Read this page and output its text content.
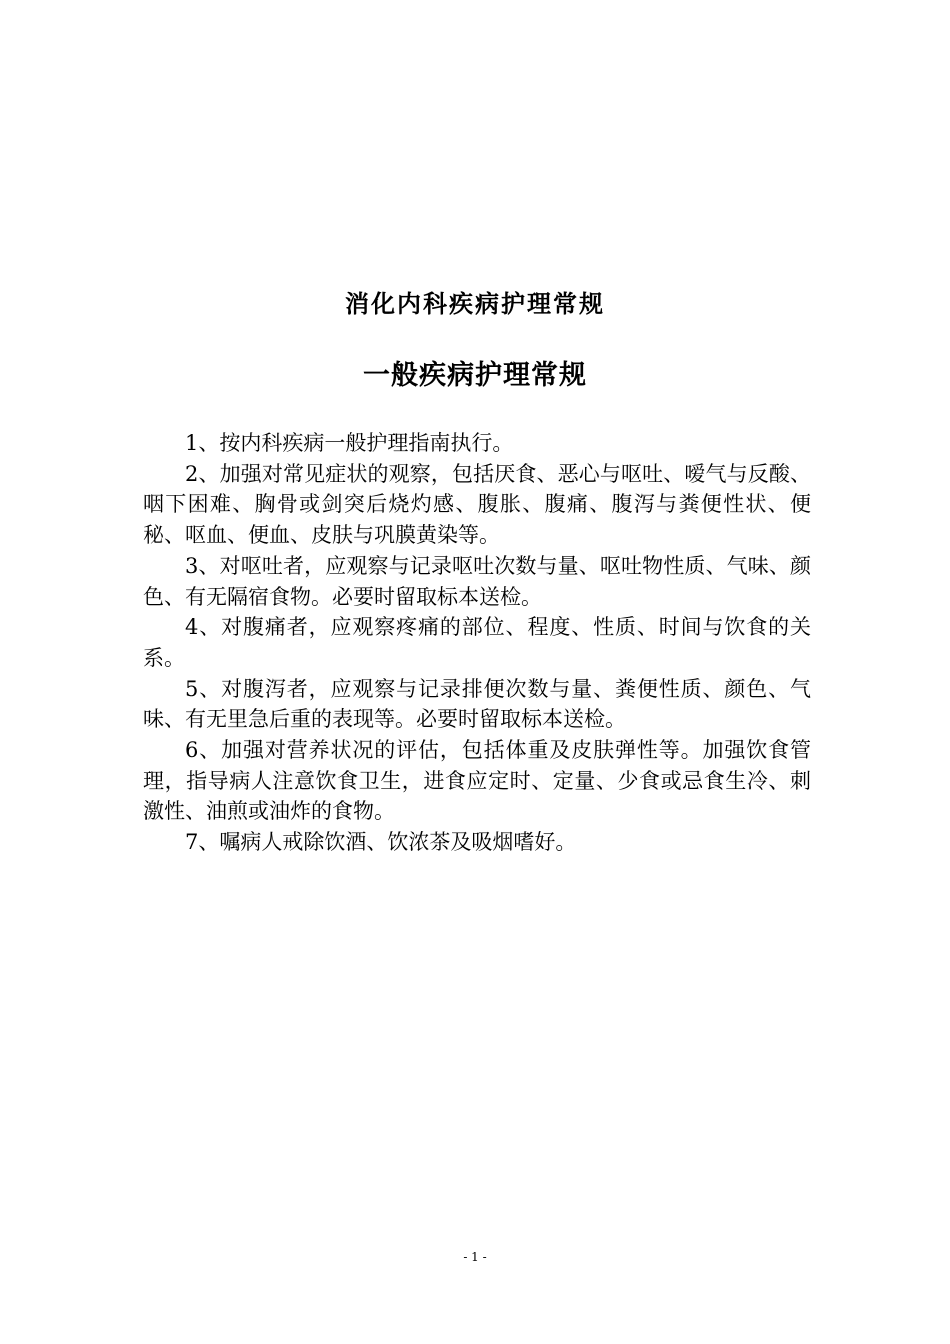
消化内科疾病护理常规
一般疾病护理常规

1、按内科疾病一般护理指南执行。

2、加强对常见症状的观察，包括厌食、恶心与呕吐、嗳气与反酸、咽下困难、胸骨或剑突后烧灼感、腹胀、腹痛、腹泻与粪便性状、便秘、呕血、便血、皮肤与巩膜黄染等。

3、对呕吐者，应观察与记录呕吐次数与量、呕吐物性质、气味、颜色、有无隔宿食物。必要时留取标本送检。

4、对腹痛者，应观察疼痛的部位、程度、性质、时间与饮食的关系。

5、对腹泻者，应观察与记录排便次数与量、粪便性质、颜色、气味、有无里急后重的表现等。必要时留取标本送检。

6、加强对营养状况的评估，包括体重及皮肤弹性等。加强饮食管理，指导病人注意饮食卫生，进食应定时、定量、少食或忌食生冷、刺激性、油煎或油炸的食物。

7、嘱病人戒除饮酒、饮浓茶及吸烟嗜好。

- 1 -
